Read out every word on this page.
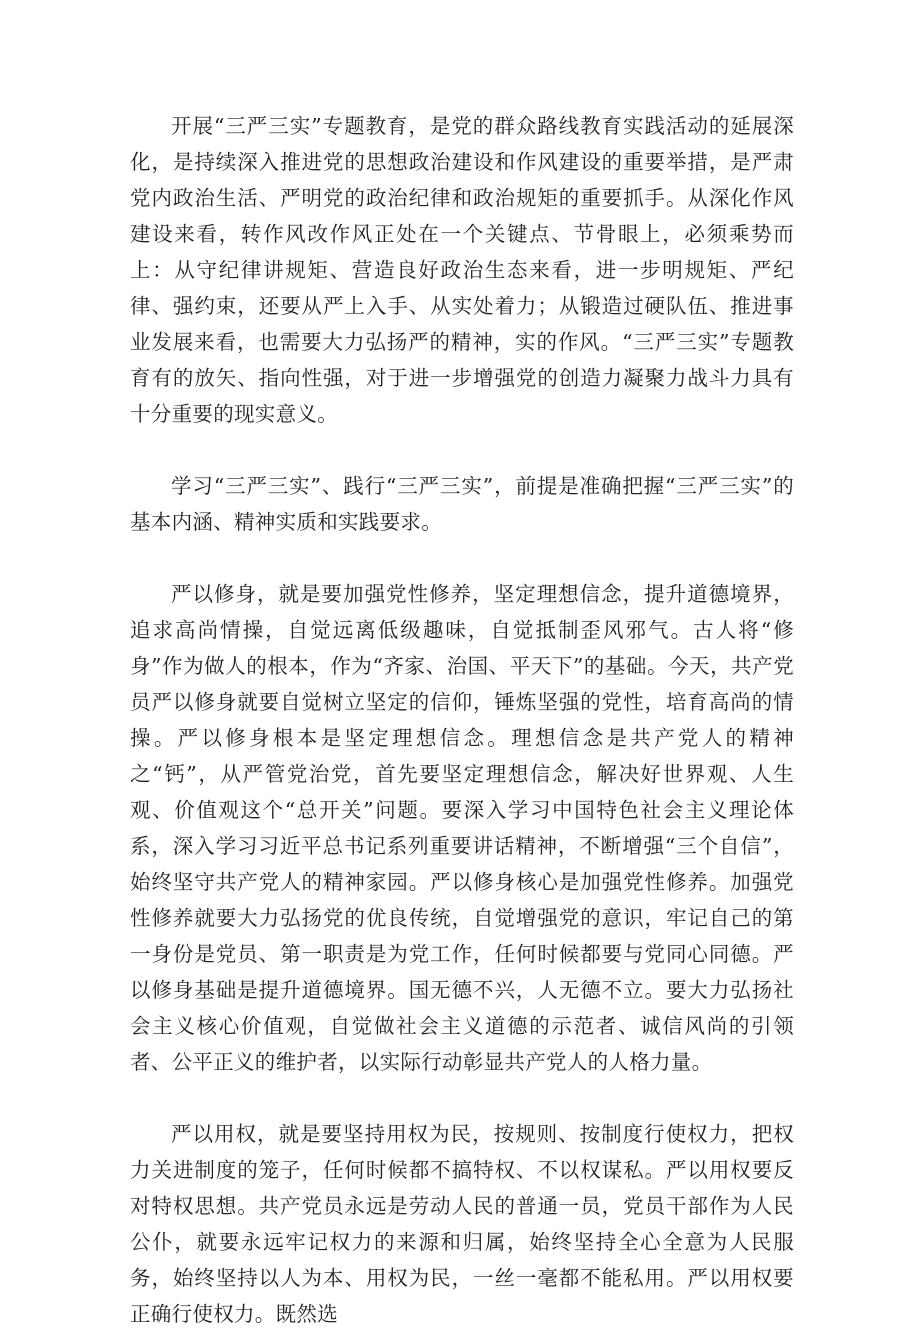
开展“三严三实”专题教育，是党的群众路线教育实践活动的延展深化，是持续深入推进党的思想政治建设和作风建设的重要举措，是严肃党内政治生活、严明党的政治纪律和政治规矩的重要抓手。从深化作风建设来看，转作风改作风正处在一个关键点、节骨眼上，必须乘势而上：从守纪律讲规矩、营造良好政治生态来看，进一步明规矩、严纪律、强约束，还要从严上入手、从实处着力；从锻造过硬队伍、推进事业发展来看，也需要大力弘扬严的精神，实的作风。“三严三实”专题教育有的放矢、指向性强，对于进一步增强党的创造力凝聚力战斗力具有十分重要的现实意义。

学习“三严三实”、践行“三严三实”，前提是准确把握“三严三实”的基本内涵、精神实质和实践要求。

严以修身，就是要加强党性修养，坚定理想信念，提升道德境界，追求高尚情操，自觉远离低级趣味，自觉抵制歪风邪气。古人将“修身”作为做人的根本，作为“齐家、治国、平天下”的基础。今天，共产党员严以修身就要自觉树立坚定的信仰，锤炼坚强的党性，培育高尚的情操。严以修身根本是坚定理想信念。理想信念是共产党人的精神之“钙”，从严管党治党，首先要坚定理想信念，解决好世界观、人生观、价值观这个“总开关”问题。要深入学习中国特色社会主义理论体系，深入学习习近平总书记系列重要讲话精神，不断增强“三个自信”，始终坚守共产党人的精神家园。严以修身核心是加强党性修养。加强党性修养就要大力弘扬党的优良传统，自觉增强党的意识，牢记自己的第一身份是党员、第一职责是为党工作，任何时候都要与党同心同德。严以修身基础是提升道德境界。国无德不兴，人无德不立。要大力弘扬社会主义核心价值观，自觉做社会主义道德的示范者、诚信风尚的引领者、公平正义的维护者，以实际行动彰显共产党人的人格力量。

严以用权，就是要坚持用权为民，按规则、按制度行使权力，把权力关进制度的笼子，任何时候都不搞特权、不以权谋私。严以用权要反对特权思想。共产党员永远是劳动人民的普通一员，党员干部作为人民公仆，就要永远牢记权力的来源和归属，始终坚持全心全意为人民服务，始终坚持以人为本、用权为民，一丝一毫都不能私用。严以用权要正确行使权力。既然选
